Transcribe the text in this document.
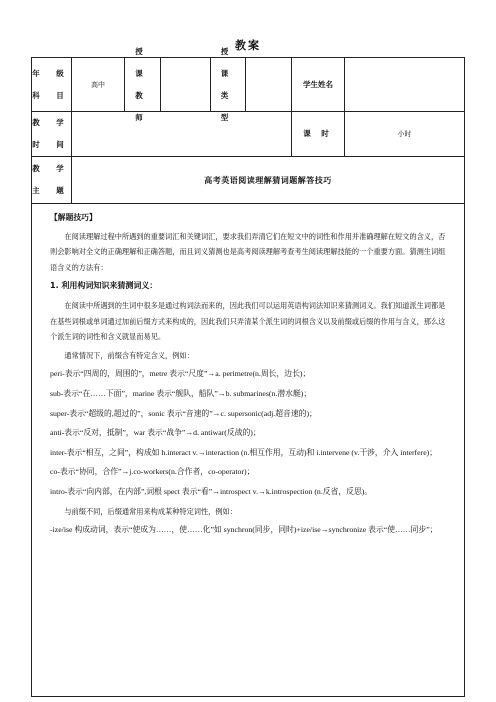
教案
年 级
科 目
高中
授 课
教 师
授 课
类 型
学生姓名
教 学
时 间
课 时	小时
教 学
主 题
高考英语阅读理解猜词题解答技巧

【解题技巧】

在阅读理解过程中所遇到的重要词汇和关键词汇，要求我们弄清它们在短文中的词性和作用并准确理解在短文的含义，否则会影响对全文的正确理解和正确答题，而且词义猜测也是高考阅读理解考查考生阅读理解技能的一个重要方面。猜测生词组语含义的方法有：

1. 利用构词知识来猜测词义：

在阅读中所遇到的生词中很多是通过构词法而来的，因此我们可以运用英语构词法知识来猜测词义。我们知道派生词都是在基些词根或单词通过加前后缀方式来构成的，因此我们只弄清某个派生词的词根含义以及前缀或后缀的作用与含义，那么这个派生词的词性和含义就显而易见。

通常情况下，前缀含有特定含义，例如：

peri-表示“四周的，周围的”，metre 表示“尺度”→a. perimetre(n.周长，边长)；

sub-表示“在……下面”，marine 表示“舰队，船队”→b. submarines(n.潜水艇)；

super-表示“超级的,超过的”，sonic 表示“音速的”→c. supersonic(adj.超音速的)；

anti-表示“反对，抵制”，war 表示“战争”→d. antiwar(反战的)；

inter-表示“相互，之间”，构成如 h.interact v.→interaction (n.相互作用，互动)和 i.intervene (v.干涉，介入 interfere)；

co-表示“协同，合作”→j.co-workers(n.合作者，co-operator)；

intro-表示“向内部，在内部”,词根 spect 表示“看”→introspect v.→k.introspection (n.反省，反思)。

与前缀不同，后缀通常用来构成某种特定词性，例如：

-ize/ise 构成动词，表示“使成为……，使……化”如 synchron(同步，同时)+ize/ise→synchronize 表示“使……同步”；
